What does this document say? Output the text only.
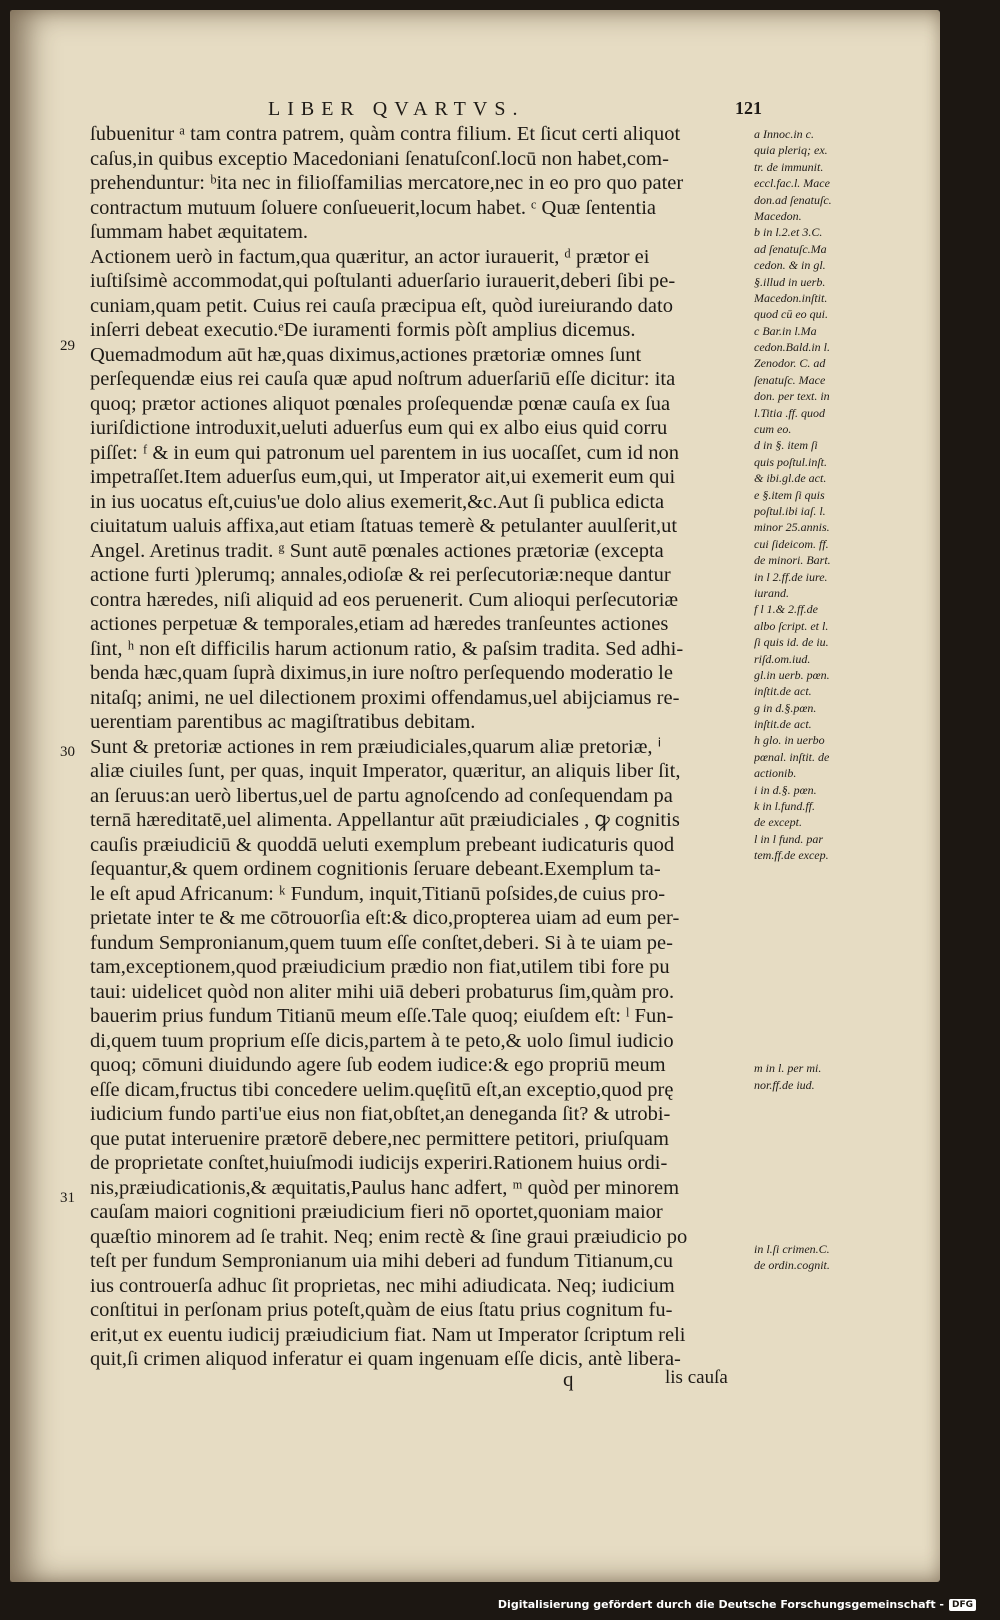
LIBER QVARTVS.	121
29
30
31
ſubuenitur ᵃ tam contra patrem, quàm contra filium. Et ſicut certi aliquot
caſus,in quibus exceptio Macedoniani ſenatuſconſ.locū non habet,com-
prehenduntur: ᵇita nec in filioſfamilias mercatore,nec in eo pro quo pater
contractum mutuum ſoluere conſueuerit,locum habet. ᶜ Quæ ſententia
ſummam habet æquitatem.
Actionem uerò in factum,qua quæritur, an actor iurauerit, ᵈ prætor ei
iuſtiſsimè accommodat,qui poſtulanti aduerſario iurauerit,deberi ſibi pe-
cuniam,quam petit. Cuius rei cauſa præcipua eſt, quòd iureiurando dato
inſerri debeat executio.ᵉDe iuramenti formis pòſt amplius dicemus.
Quemadmodum aūt hæ,quas diximus,actiones prætoriæ omnes ſunt
perſequendæ eius rei cauſa quæ apud noſtrum aduerſariū eſſe dicitur: ita
quoq; prætor actiones aliquot pœnales proſequendæ pœnæ cauſa ex ſua
iuriſdictione introduxit,ueluti aduerſus eum qui ex albo eius quid corru
piſſet: ᶠ & in eum qui patronum uel parentem in ius uocaſſet, cum id non
impetraſſet.Item aduerſus eum,qui, ut Imperator ait,ui exemerit eum qui
in ius uocatus eſt,cuius'ue dolo alius exemerit,&c.Aut ſi publica edicta
ciuitatum ualuis affixa,aut etiam ſtatuas temerè & petulanter auulſerit,ut
Angel. Aretinus tradit. ᵍ Sunt autē pœnales actiones prætoriæ (excepta
actione furti )plerumq; annales,odioſæ & rei perſecutoriæ:neque dantur
contra hæredes, niſi aliquid ad eos peruenerit. Cum alioqui perſecutoriæ
actiones perpetuæ & temporales,etiam ad hæredes tranſeuntes actiones
ſint, ʰ non eſt difficilis harum actionum ratio, & paſsim tradita. Sed adhi-
benda hæc,quam ſuprà diximus,in iure noſtro perſequendo moderatio le
nitaſq; animi, ne uel dilectionem proximi offendamus,uel abijciamus re-
uerentiam parentibus ac magiſtratibus debitam.
Sunt & pretoriæ actiones in rem præiudiciales,quarum aliæ pretoriæ, ⁱ
aliæ ciuiles ſunt, per quas, inquit Imperator, quæritur, an aliquis liber ſit,
an ſeruus:an uerò libertus,uel de partu agnoſcendo ad conſequendam pa
ternā hæreditatē,uel alimenta. Appellantur aūt præiudiciales , ꝙ cognitis
cauſis præiudiciū & quoddā ueluti exemplum prebeant iudicaturis quod
ſequantur,& quem ordinem cognitionis ſeruare debeant.Exemplum ta-
le eſt apud Africanum: ᵏ Fundum, inquit,Titianū poſsides,de cuius pro-
prietate inter te & me cōtrouorſia eſt:& dico,propterea uiam ad eum per-
fundum Sempronianum,quem tuum eſſe conſtet,deberi. Si à te uiam pe-
tam,exceptionem,quod præiudicium prædio non fiat,utilem tibi fore pu
taui: uidelicet quòd non aliter mihi uiā deberi probaturus ſim,quàm pro.
bauerim prius fundum Titianū meum eſſe.Tale quoq; eiuſdem eſt: ˡ Fun-
di,quem tuum proprium eſſe dicis,partem à te peto,& uolo ſimul iudicio
quoq; cōmuni diuidundo agere ſub eodem iudice:& ego propriū meum
eſſe dicam,fructus tibi concedere uelim.quęſitū eſt,an exceptio,quod prę
iudicium fundo parti'ue eius non fiat,obſtet,an deneganda ſit? & utrobi-
que putat interuenire prætorē debere,nec permittere petitori, priuſquam
de proprietate conſtet,huiuſmodi iudicijs experiri.Rationem huius ordi-
nis,præiudicationis,& æquitatis,Paulus hanc adfert, ᵐ quòd per minorem
cauſam maiori cognitioni præiudicium fieri nō oportet,quoniam maior
quæſtio minorem ad ſe trahit. Neq; enim rectè & ſine graui præiudicio po
teſt per fundum Sempronianum uia mihi deberi ad fundum Titianum,cu
ius controuerſa adhuc ſit proprietas, nec mihi adiudicata. Neq; iudicium
conſtitui in perſonam prius poteſt,quàm de eius ſtatu prius cognitum fu-
erit,ut ex euentu iudicij præiudicium fiat. Nam ut Imperator ſcriptum reli
quit,ſi crimen aliquod inferatur ei quam ingenuam eſſe dicis, antè libera-
a Innoc.in c.
quia pleriq; ex.
tr. de immunit.
eccl.fac.l. Mace
don.ad ſenatuſc.
Macedon.
b in l.2.et 3.C.
ad ſenatuſc.Ma
cedon. & in gl.
§.illud in uerb.
Macedon.inſtit.
quod cū eo qui.
c Bar.in l.Ma
cedon.Bald.in l.
Zenodor. C. ad
ſenatuſc. Mace
don. per text. in
l.Titia .ff. quod
cum eo.
d in §. item ſi
quis poſtul.inſt.
& ibi.gl.de act.
e §.item ſi quis
poſtul.ibi iaſ. l.
minor 25.annis.
cui ſideicom. ff.
de minori. Bart.
in l 2.ff.de iure.
iurand.
f l 1.& 2.ff.de
albo ſcript. et l.
ſi quis id. de iu.
riſd.om.iud.
gl.in uerb. pœn.
inſtit.de act.
g in d.§.pœn.
inſtit.de act.
h glo. in uerbo
pœnal. inſtit. de
actionib.
i in d.§. pœn.
k in l.fund.ff.
de except.
l in l fund. par
tem.ff.de excep.
m in l. per mi.
nor.ff.de iud.
in l.ſi crimen.C.
de ordin.cognit.
q	lis cauſa
Digitalisierung gefördert durch die Deutsche Forschungsgemeinschaft - DFG
